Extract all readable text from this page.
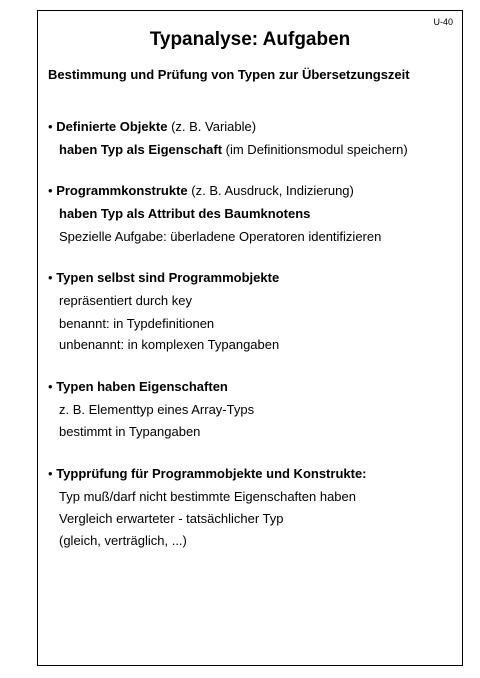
U-40
Typanalyse: Aufgaben
Bestimmung und Prüfung von Typen zur Übersetzungszeit
• Definierte Objekte (z. B. Variable)
haben Typ als Eigenschaft (im Definitionsmodul speichern)
• Programmkonstrukte (z. B. Ausdruck, Indizierung)
haben Typ als Attribut des Baumknotens
Spezielle Aufgabe: überladene Operatoren identifizieren
• Typen selbst sind Programmobjekte
repräsentiert durch key
benannt: in Typdefinitionen
unbenannt: in komplexen Typangaben
• Typen haben Eigenschaften
z. B. Elementtyp eines Array-Typs
bestimmt in Typangaben
• Typprüfung für Programmobjekte und Konstrukte:
Typ muß/darf nicht bestimmte Eigenschaften haben
Vergleich erwarteter - tatsächlicher Typ
(gleich, verträglich, ...)
